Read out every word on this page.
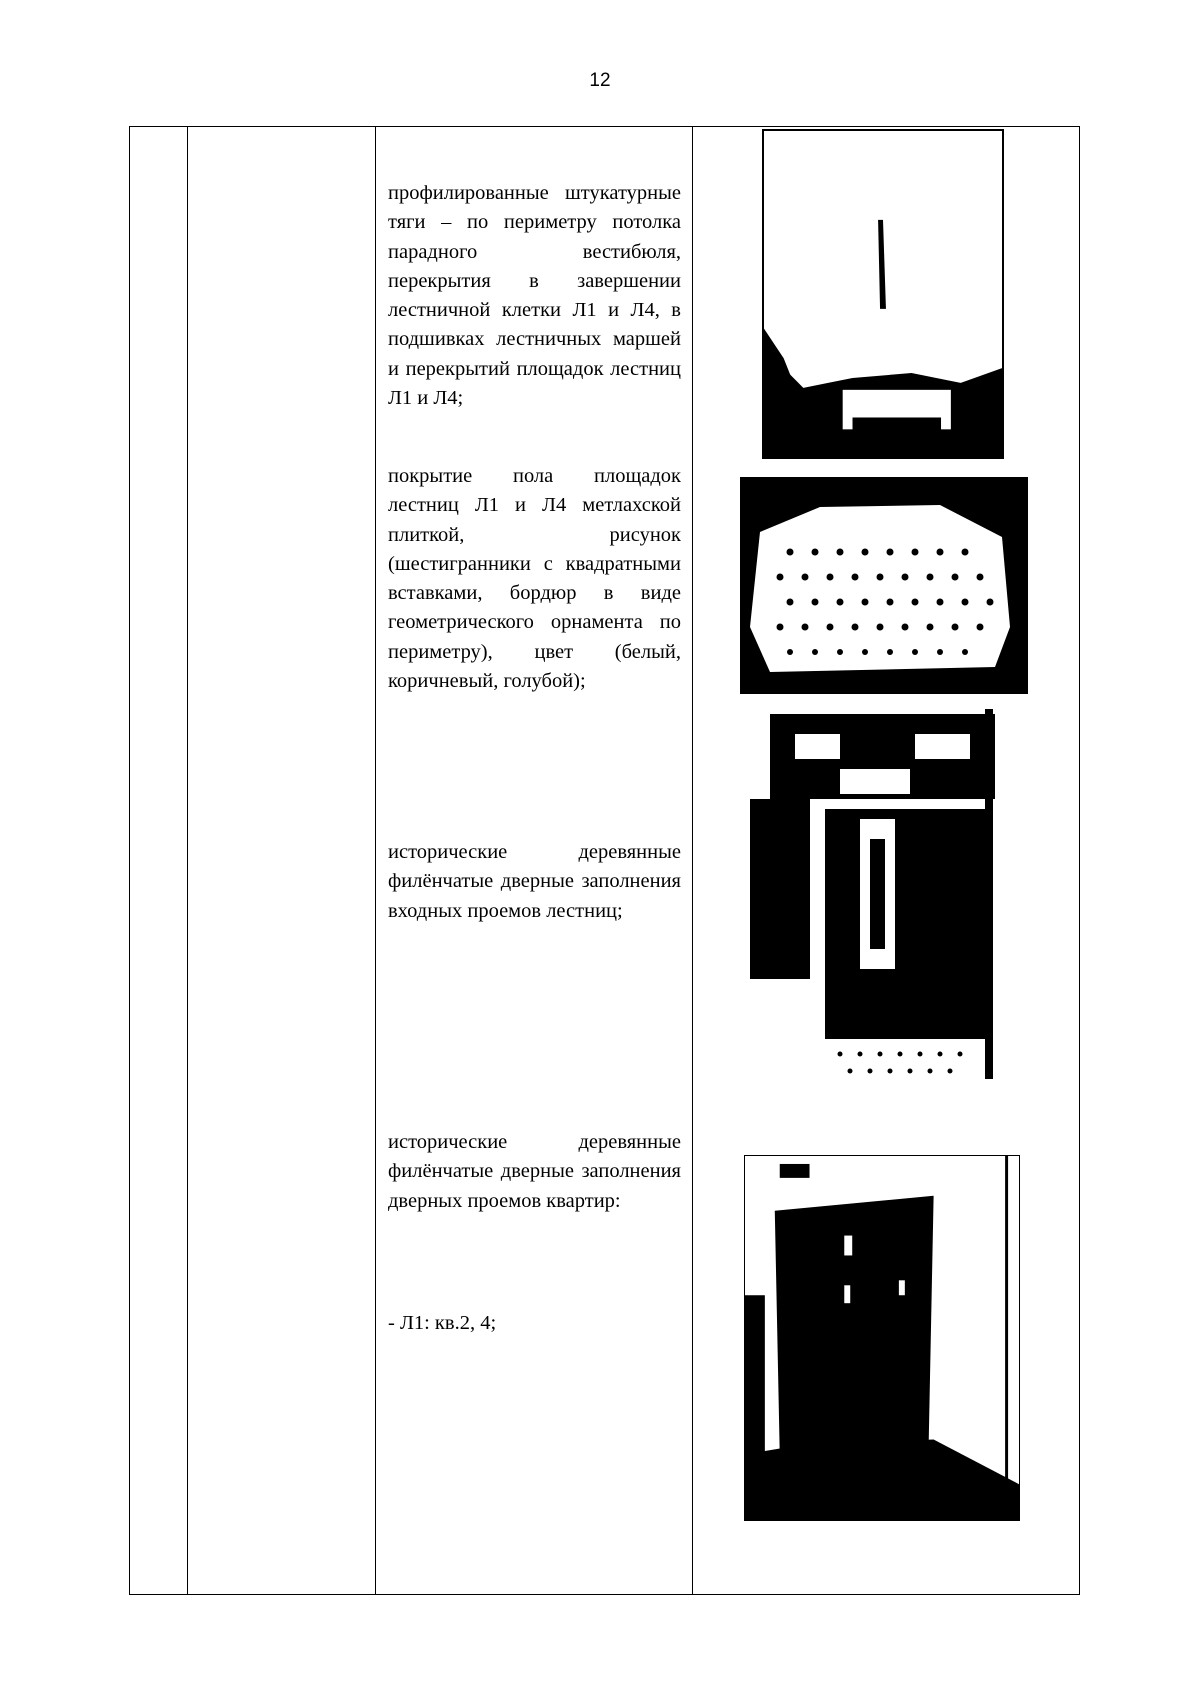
12
профилированные штукатурные тяги – по периметру потолка парадного вестибюля, перекрытия в завершении лестничной клетки Л1 и Л4, в подшивках лестничных маршей и перекрытий площадок лестниц Л1 и Л4;
покрытие пола площадок лестниц Л1 и Л4 метлахской плиткой, рисунок (шестигранники с квадратными вставками, бордюр в виде геометрического орнамента по периметру), цвет (белый, коричневый, голубой);
исторические деревянные филёнчатые дверные заполнения входных проемов лестниц;
исторические деревянные филёнчатые дверные заполнения дверных проемов квартир:
- Л1: кв.2, 4;
